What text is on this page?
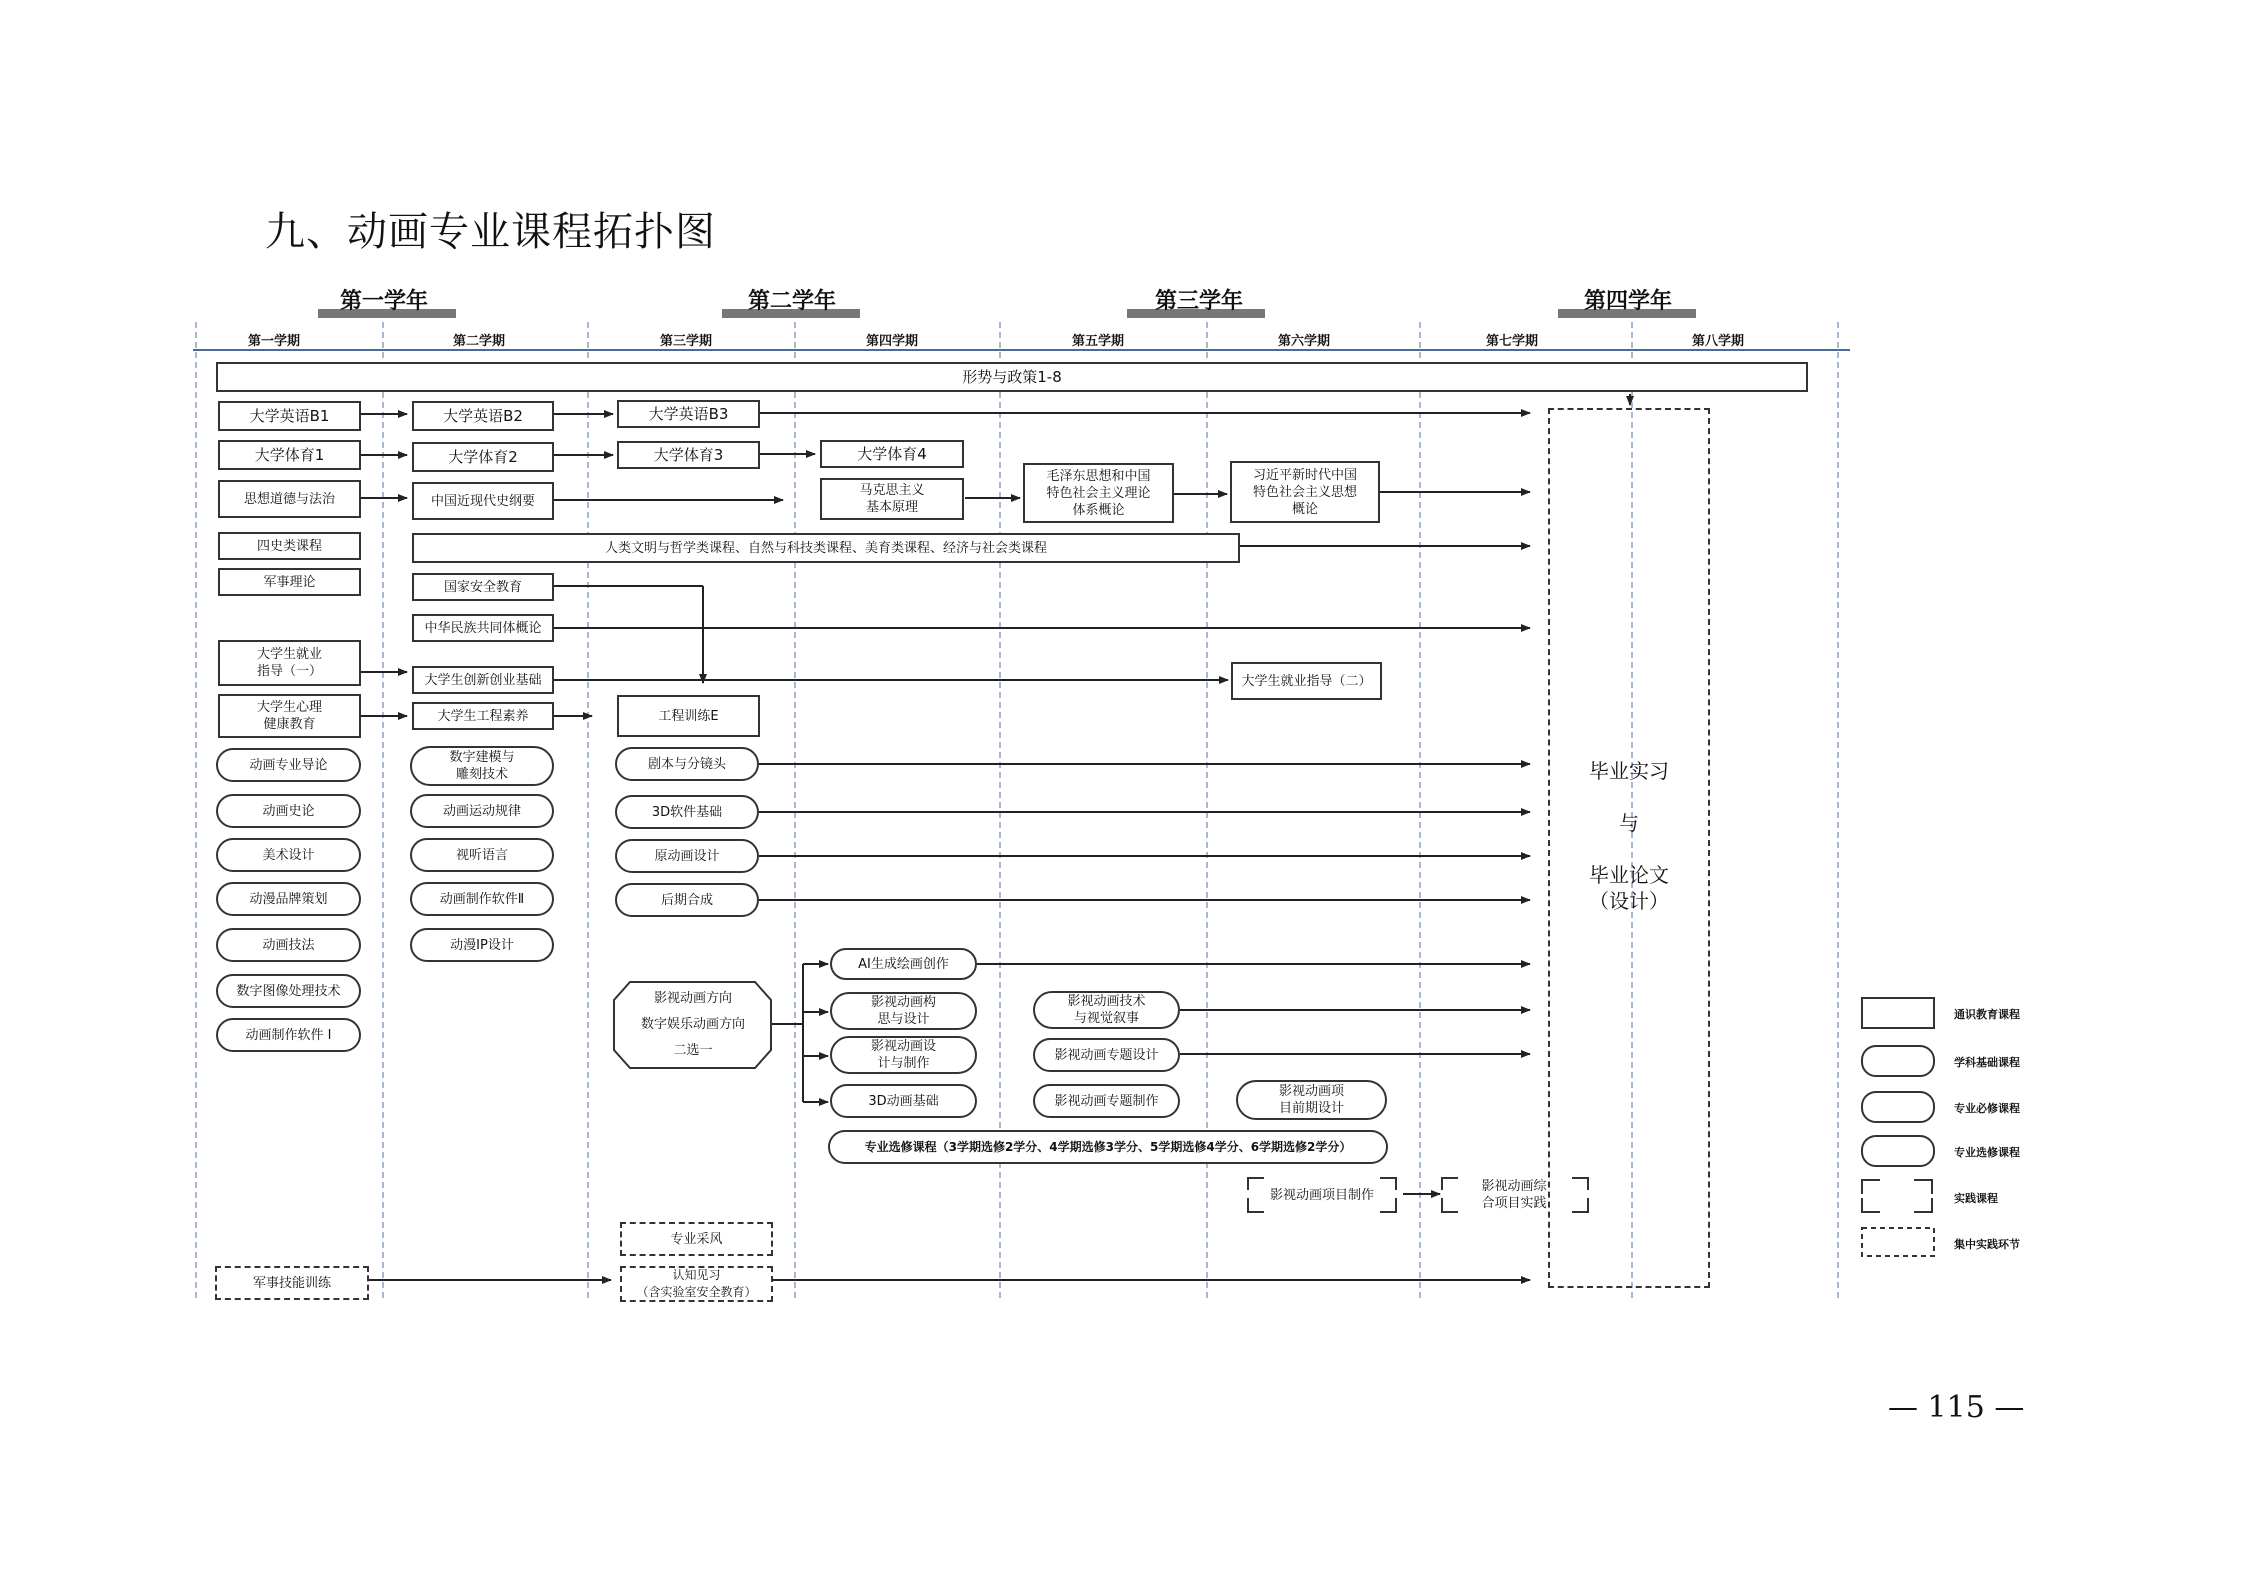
九、动画专业课程拓扑图
第一学年	第二学年	第三学年	第四学年
第一学期	第二学期	第三学期	第四学期	第五学期	第六学期	第七学期	第八学期
形势与政策1-8
毕业实习

与

毕业论文
（设计）
大学英语B1	大学英语B2	大学英语B3
大学体育1	大学体育2	大学体育3	大学体育4
思想道德与法治	中国近现代史纲要
马克思主义
基本原理
毛泽东思想和中国
特色社会主义理论
体系概论
习近平新时代中国
特色社会主义思想
概论
四史类课程
军事理论
人类文明与哲学类课程、自然与科技类课程、美育类课程、经济与社会类课程
国家安全教育
中华民族共同体概论
大学生就业
指导（一）
大学生创新创业基础	大学生就业指导（二）
大学生心理
健康教育
大学生工程素养	工程训练E
动画专业导论
动画史论
美术设计
动漫品牌策划
动画技法
数字图像处理技术
动画制作软件 Ⅰ
数字建模与
雕刻技术
动画运动规律
视听语言
动画制作软件Ⅱ
动漫IP设计
剧本与分镜头
3D软件基础
原动画设计
后期合成
影视动画方向
数字娱乐动画方向
二选一
AI生成绘画创作
影视动画构
思与设计
影视动画设
计与制作
3D动画基础
影视动画技术
与视觉叙事
影视动画专题设计
影视动画专题制作
影视动画项
目前期设计
专业选修课程（3学期选修2学分、4学期选修3学分、5学期选修4学分、6学期选修2学分）
影视动画项目制作
影视动画综
合项目实践
专业采风
认知见习
（含实验室安全教育）
军事技能训练
通识教育课程
学科基础课程
专业必修课程
专业选修课程
实践课程
集中实践环节
— 115 —
